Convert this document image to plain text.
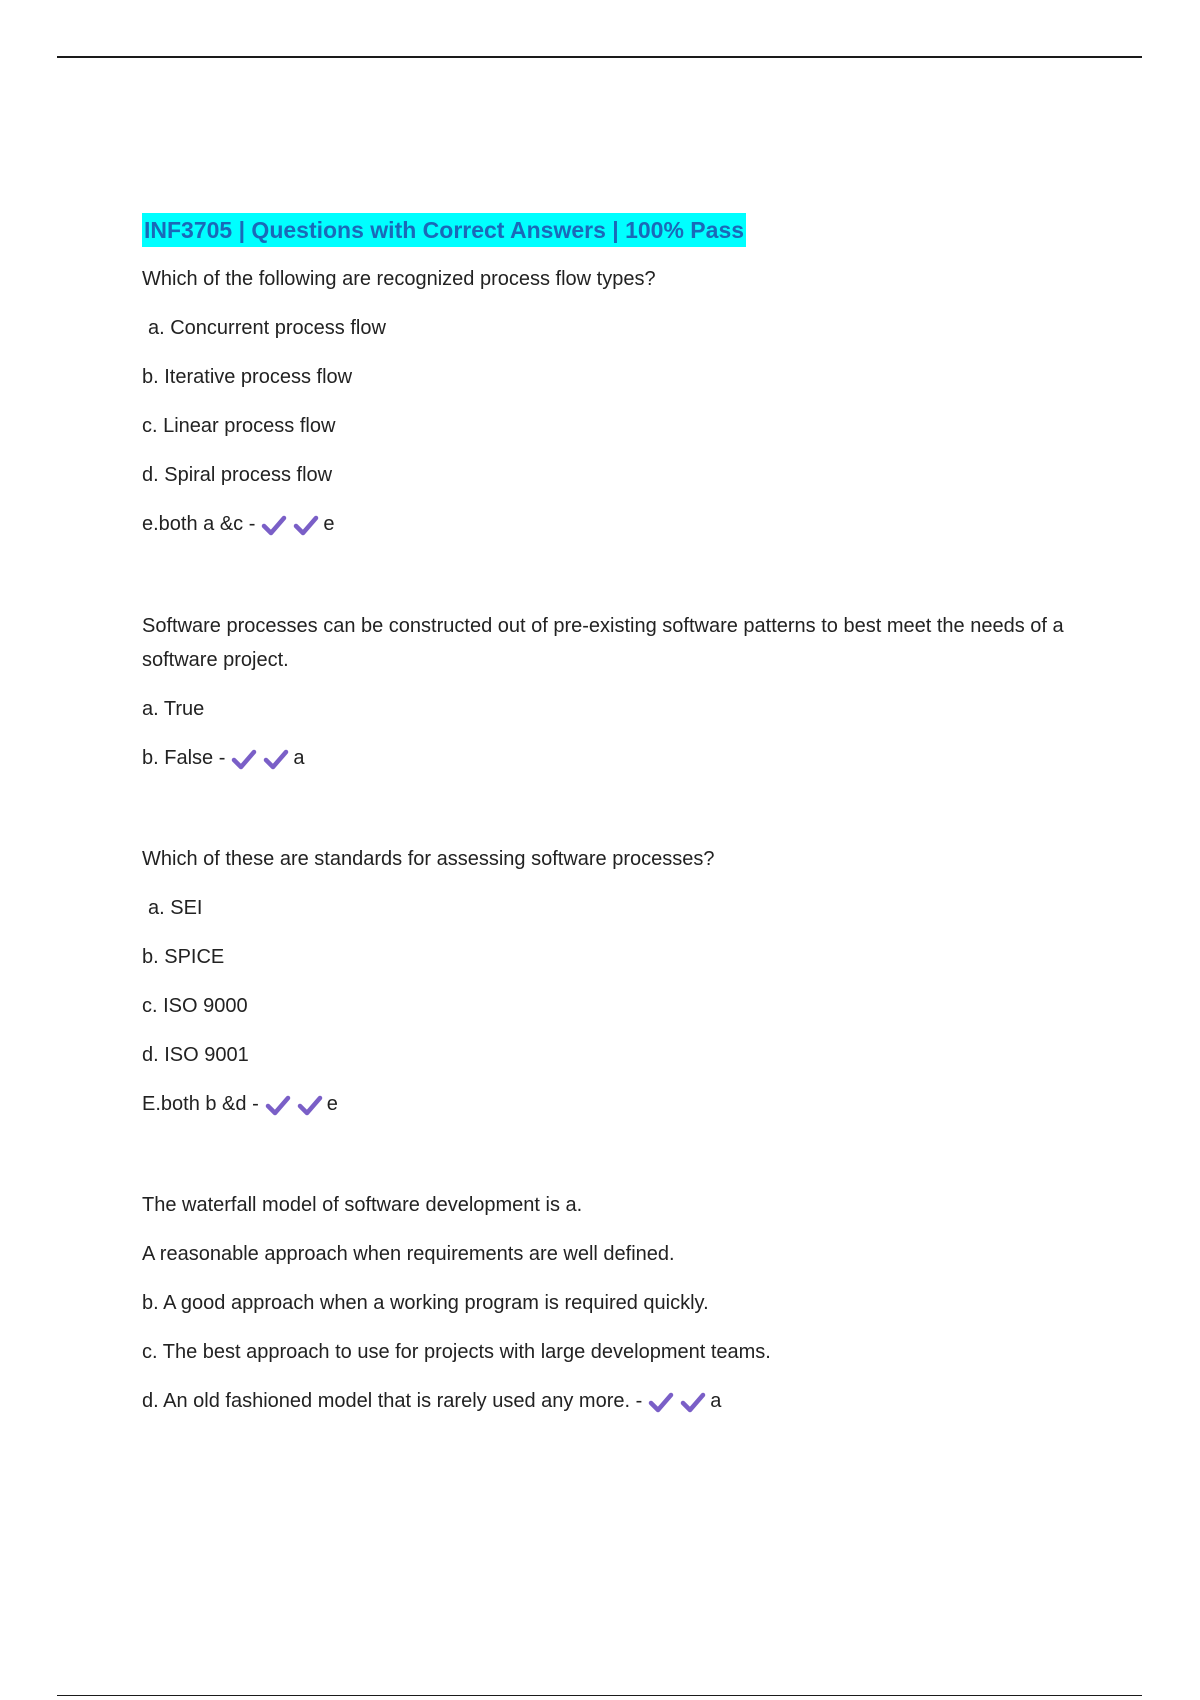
INF3705 | Questions with Correct Answers | 100% Pass

Which of the following are recognized process flow types?

a. Concurrent process flow

b. Iterative process flow

c. Linear process flow

d. Spiral process flow

e.both a &c -	e

Software processes can be constructed out of pre-existing software patterns to best meet the needs of a software project.

a. True

b. False -	a

Which of these are standards for assessing software processes?

a. SEI

b. SPICE

c. ISO 9000

d. ISO 9001

E.both b &d -	e

The waterfall model of software development is a.

A reasonable approach when requirements are well defined.

b. A good approach when a working program is required quickly.

c. The best approach to use for projects with large development teams.

d. An old fashioned model that is rarely used any more. -	a
